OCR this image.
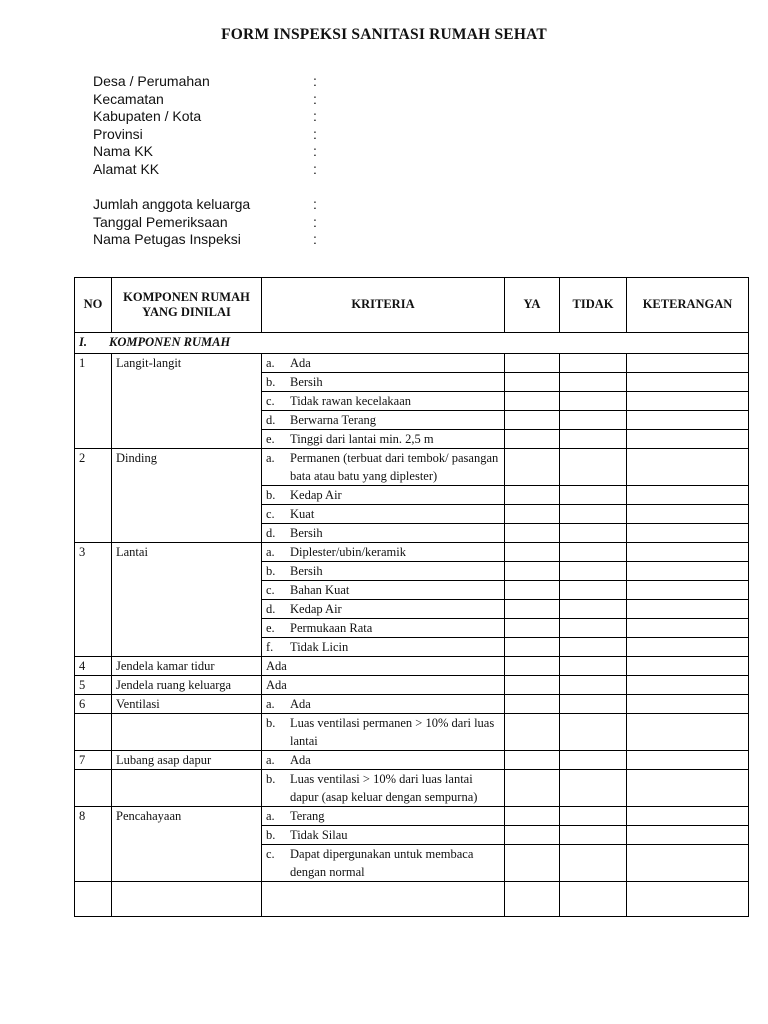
FORM INSPEKSI SANITASI RUMAH SEHAT
Desa / Perumahan	:
Kecamatan	:
Kabupaten / Kota	:
Provinsi	:
Nama KK	:
Alamat KK	:
Jumlah anggota keluarga	:
Tanggal Pemeriksaan	:
Nama Petugas Inspeksi	:
NO	KOMPONEN RUMAH YANG DINILAI	KRITERIA	YA	TIDAK	KETERANGAN
I. KOMPONEN RUMAH					
1	Langit-langit	a. Ada			

		b. Bersih			

		c. Tidak rawan kecelakaan			

		d. Berwarna Terang			

		e. Tinggi dari lantai min. 2,5 m			

2	Dinding	a. Permanen (terbuat dari tembok/ pasangan bata atau batu yang diplester)			

		b. Kedap Air			

		c. Kuat			

		d. Bersih			

3	Lantai	a. Diplester/ubin/keramik			

		b. Bersih			

		c. Bahan Kuat			

		d. Kedap Air			

		e. Permukaan Rata			

		f. Tidak Licin			

4	Jendela kamar tidur	Ada			

5	Jendela ruang keluarga	Ada			

6	Ventilasi	a. Ada			

		b. Luas ventilasi permanen > 10% dari luas lantai			

7	Lubang asap dapur	a. Ada			

		b. Luas ventilasi > 10% dari luas lantai dapur (asap keluar dengan sempurna)			

8	Pencahayaan	a. Terang			

		b. Tidak Silau			

		c. Dapat dipergunakan untuk membaca dengan normal			
